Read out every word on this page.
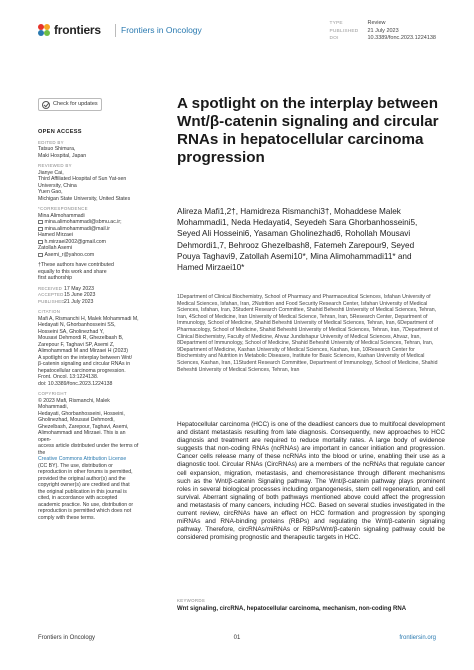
frontiers Frontiers in Oncology
TYPE	Review
PUBLISHED 21 July 2023
DOI	10.3389/fonc.2023.1224138
Check for updates
OPEN ACCESS
EDITED BY
Tatsuo Shimura,
Maki Hospital, Japan
REVIEWED BY
Jianye Cai,
Third Affiliated Hospital of Sun Yat-sen
University, China
Yuen Gao,
Michigan State University, United States
*CORRESPONDENCE
Mina Alimohammadi
mina.alimohammadi@sbmu.ac.ir;
mina.alimohammadi@mail.ir
Hamed Mirzaei
h.mirzaei2002@gmail.com
Zatollah Asemi
Asemi_r@yahoo.com
†These authors have contributed
equally to this work and share
first authorship
RECEIVED 17 May 2023
ACCEPTED 15 June 2023
PUBLISHED 21 July 2023
CITATION
Mafi A, Rismanchi H, Malek Mohammadi M,
Hedayati N, Ghorbanhosseini SS,
Hosseini SA, Gholinezhad Y,
Mousavi Dehmordi R, Ghezelbash B,
Zarepour F, Taghavi SP, Asemi Z,
Alimohammadi M and Mirzaei H (2023)
A spotlight on the interplay between Wnt/
β-catenin signaling and circular RNAs in
hepatocellular carcinoma progression.
Front. Oncol. 13:1224138.
doi: 10.3389/fonc.2023.1224138
COPYRIGHT
© 2023 Mafi, Rismanchi, Malek Mohammadi,
Hedayati, Ghorbanhosseini, Hosseini,
Gholinezhad, Mousavi Dehmordi,
Ghezelbash, Zarepour, Taghavi, Asemi,
Alimohammadi and Mirzaei. This is an open-
access article distributed under the terms of
the
Creative Commons Attribution License
(CC BY). The use, distribution or
reproduction in other forums is permitted,
provided the original author(s) and the
copyright owner(s) are credited and that
the original publication in this journal is
cited, in accordance with accepted
academic practice. No use, distribution or
reproduction is permitted which does not
comply with these terms.
A spotlight on the interplay between Wnt/β-catenin signaling and circular RNAs in hepatocellular carcinoma progression
Alireza Mafi1,2†, Hamidreza Rismanchi3†, Mohaddese Malek Mohammadi1, Neda Hedayati4, Seyedeh Sara Ghorbanhosseini5, Seyed Ali Hosseini6, Yasaman Gholinezhad6, Rohollah Mousavi Dehmordi1,7, Behrooz Ghezelbash8, Fatemeh Zarepour9, Seyed Pouya Taghavi9, Zatollah Asemi10*, Mina Alimohammadi11* and Hamed Mirzaei10*
1Department of Clinical Biochemistry, School of Pharmacy and Pharmaceutical Sciences, Isfahan University of Medical Sciences, Isfahan, Iran, 2Nutrition and Food Security Research Center, Isfahan University of Medical Sciences, Isfahan, Iran, 3Student Research Committee, Shahid Beheshti University of Medical Sciences, Tehran, Iran, 4School of Medicine, Iran University of Medical Science, Tehran, Iran, 5Research Center, Department of Immunology, School of Medicine, Shahid Beheshti University of Medical Sciences, Tehran, Iran, 6Department of Pharmacology, School of Medicine, Shahid Beheshti University of Medical Sciences, Tehran, Iran, 7Department of Clinical Biochemistry, Faculty of Medicine, Ahvaz Jundishapur University of Medical Sciences, Ahvaz, Iran, 8Department of Immunology, School of Medicine, Shahid Beheshti University of Medical Sciences, Tehran, Iran, 9Department of Medicine, Kashan University of Medical Sciences, Kashan, Iran, 10Research Center for Biochemistry and Nutrition in Metabolic Diseases, Institute for Basic Sciences, Kashan University of Medical Sciences, Kashan, Iran, 11Student Research Committee, Department of Immunology, School of Medicine, Shahid Beheshti University of Medical Sciences, Tehran, Iran
Hepatocellular carcinoma (HCC) is one of the deadliest cancers due to multifocal development and distant metastasis resulting from late diagnosis. Consequently, new approaches to HCC diagnosis and treatment are required to reduce mortality rates. A large body of evidence suggests that non-coding RNAs (ncRNAs) are important in cancer initiation and progression. Cancer cells release many of these ncRNAs into the blood or urine, enabling their use as a diagnostic tool. Circular RNAs (CircRNAs) are a members of the ncRNAs that regulate cancer cell expansion, migration, metastasis, and chemoresistance through different mechanisms such as the Wnt/β-catenin Signaling pathway. The Wnt/β-catenin pathway plays prominent roles in several biological processes including organogenesis, stem cell regeneration, and cell survival. Aberrant signaling of both pathways mentioned above could affect the progression and metastasis of many cancers, including HCC. Based on several studies investigated in the current review, circRNAs have an effect on HCC formation and progression by sponging miRNAs and RNA-binding proteins (RBPs) and regulating the Wnt/β-catenin signaling pathway. Therefore, circRNAs/miRNAs or RBPs/Wnt/β-catenin signaling pathway could be considered promising prognostic and therapeutic targets in HCC.
KEYWORDS
Wnt signaling, circRNA, hepatocellular carcinoma, mechanism, non-coding RNA
Frontiers in Oncology	01	frontiersin.org
